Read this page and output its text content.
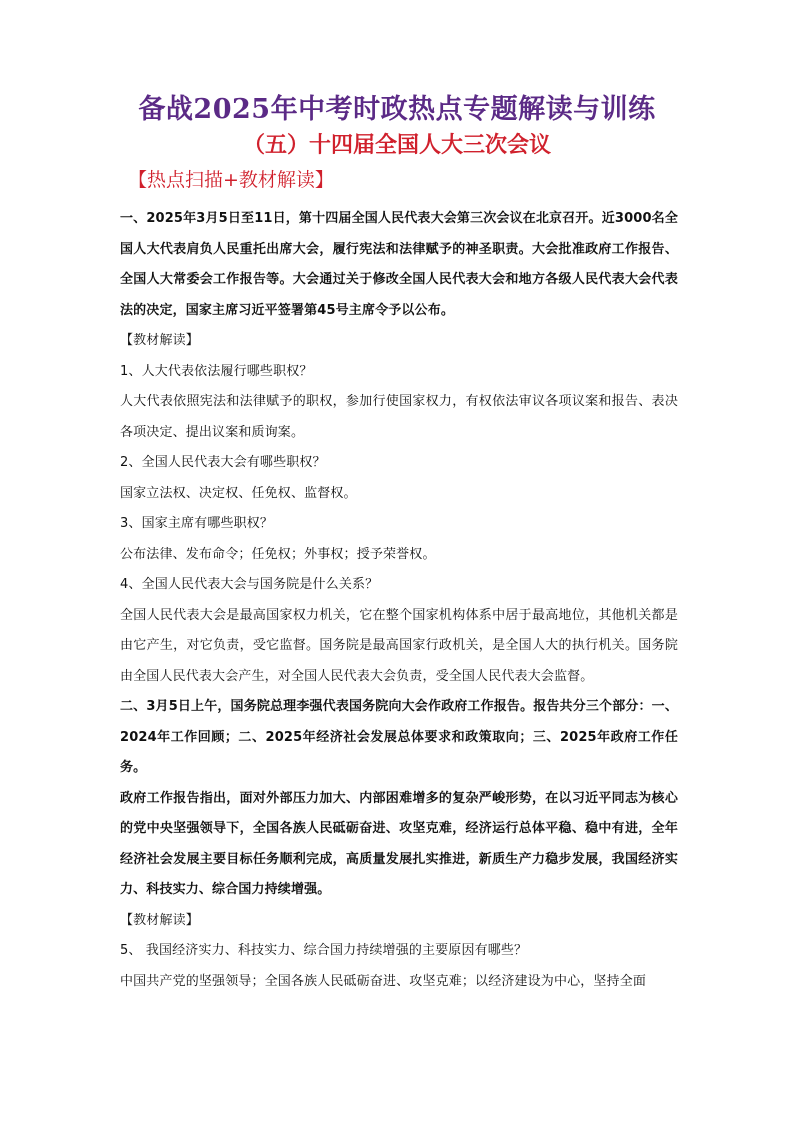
备战2025年中考时政热点专题解读与训练
（五）十四届全国人大三次会议
【热点扫描+教材解读】

一、2025年3月5日至11日，第十四届全国人民代表大会第三次会议在北京召开。近3000名全国人大代表肩负人民重托出席大会，履行宪法和法律赋予的神圣职责。大会批准政府工作报告、全国人大常委会工作报告等。大会通过关于修改全国人民代表大会和地方各级人民代表大会代表法的决定，国家主席习近平签署第45号主席令予以公布。

【教材解读】

1、人大代表依法履行哪些职权？

人大代表依照宪法和法律赋予的职权，参加行使国家权力，有权依法审议各项议案和报告、表决各项决定、提出议案和质询案。

2、全国人民代表大会有哪些职权？

国家立法权、决定权、任免权、监督权。

3、国家主席有哪些职权？

公布法律、发布命令；任免权；外事权；授予荣誉权。

4、全国人民代表大会与国务院是什么关系？

全国人民代表大会是最高国家权力机关，它在整个国家机构体系中居于最高地位，其他机关都是由它产生，对它负责，受它监督。国务院是最高国家行政机关，是全国人大的执行机关。国务院由全国人民代表大会产生，对全国人民代表大会负责，受全国人民代表大会监督。

二、3月5日上午，国务院总理李强代表国务院向大会作政府工作报告。报告共分三个部分：一、2024年工作回顾；二、2025年经济社会发展总体要求和政策取向；三、2025年政府工作任务。

政府工作报告指出，面对外部压力加大、内部困难增多的复杂严峻形势，在以习近平同志为核心的党中央坚强领导下，全国各族人民砥砺奋进、攻坚克难，经济运行总体平稳、稳中有进，全年经济社会发展主要目标任务顺利完成，高质量发展扎实推进，新质生产力稳步发展，我国经济实力、科技实力、综合国力持续增强。

【教材解读】

5、 我国经济实力、科技实力、综合国力持续增强的主要原因有哪些？

中国共产党的坚强领导；全国各族人民砥砺奋进、攻坚克难；以经济建设为中心，坚持全面
